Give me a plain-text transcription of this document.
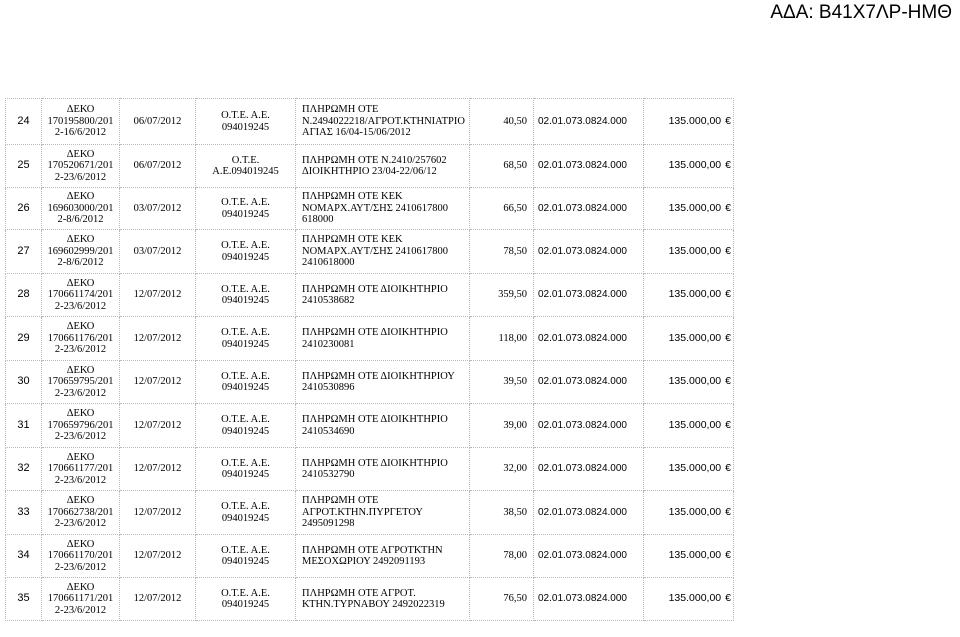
ΑΔΑ: Β41Χ7ΛΡ-ΗΜΘ
24	ΔΕΚΟ
170195800/201
2-16/6/2012	06/07/2012	Ο.Τ.Ε. Α.Ε.
094019245	ΠΛΗΡΩΜΗ ΟΤΕ
Ν.2494022218/ΑΓΡΟΤ.ΚΤΗΝΙΑΤΡΙΟ
ΑΓΙΑΣ 16/04-15/06/2012	40,50	02.01.073.0824.000	135.000,00 €
25	ΔΕΚΟ
170520671/201
2-23/6/2012	06/07/2012	Ο.Τ.Ε.
Α.Ε.094019245	ΠΛΗΡΩΜΗ ΟΤΕ Ν.2410/257602
ΔΙΟΙΚΗΤΗΡΙΟ 23/04-22/06/12	68,50	02.01.073.0824.000	135.000,00 €
26	ΔΕΚΟ
169603000/201
2-8/6/2012	03/07/2012	Ο.Τ.Ε. Α.Ε.
094019245	ΠΛΗΡΩΜΗ ΟΤΕ ΚΕΚ
ΝΟΜΑΡΧ.ΑΥΤ/ΣΗΣ 2410617800
618000	66,50	02.01.073.0824.000	135.000,00 €
27	ΔΕΚΟ
169602999/201
2-8/6/2012	03/07/2012	Ο.Τ.Ε. Α.Ε.
094019245	ΠΛΗΡΩΜΗ ΟΤΕ ΚΕΚ
ΝΟΜΑΡΧ.ΑΥΤ/ΣΗΣ 2410617800
2410618000	78,50	02.01.073.0824.000	135.000,00 €
28	ΔΕΚΟ
170661174/201
2-23/6/2012	12/07/2012	Ο.Τ.Ε. Α.Ε.
094019245	ΠΛΗΡΩΜΗ ΟΤΕ ΔΙΟΙΚΗΤΗΡΙΟ
2410538682	359,50	02.01.073.0824.000	135.000,00 €
29	ΔΕΚΟ
170661176/201
2-23/6/2012	12/07/2012	Ο.Τ.Ε. Α.Ε.
094019245	ΠΛΗΡΩΜΗ ΟΤΕ ΔΙΟΙΚΗΤΗΡΙΟ
2410230081	118,00	02.01.073.0824.000	135.000,00 €
30	ΔΕΚΟ
170659795/201
2-23/6/2012	12/07/2012	Ο.Τ.Ε. Α.Ε.
094019245	ΠΛΗΡΩΜΗ ΟΤΕ ΔΙΟΙΚΗΤΗΡΙΟΥ
2410530896	39,50	02.01.073.0824.000	135.000,00 €
31	ΔΕΚΟ
170659796/201
2-23/6/2012	12/07/2012	Ο.Τ.Ε. Α.Ε.
094019245	ΠΛΗΡΩΜΗ ΟΤΕ ΔΙΟΙΚΗΤΗΡΙΟ
2410534690	39,00	02.01.073.0824.000	135.000,00 €
32	ΔΕΚΟ
170661177/201
2-23/6/2012	12/07/2012	Ο.Τ.Ε. Α.Ε.
094019245	ΠΛΗΡΩΜΗ ΟΤΕ ΔΙΟΙΚΗΤΗΡΙΟ
2410532790	32,00	02.01.073.0824.000	135.000,00 €
33	ΔΕΚΟ
170662738/201
2-23/6/2012	12/07/2012	Ο.Τ.Ε. Α.Ε.
094019245	ΠΛΗΡΩΜΗ ΟΤΕ
ΑΓΡΟΤ.ΚΤΗΝ.ΠΥΡΓΕΤΟΥ
2495091298	38,50	02.01.073.0824.000	135.000,00 €
34	ΔΕΚΟ
170661170/201
2-23/6/2012	12/07/2012	Ο.Τ.Ε. Α.Ε.
094019245	ΠΛΗΡΩΜΗ ΟΤΕ ΑΓΡΟΤΚΤΗΝ
ΜΕΣΟΧΩΡΙΟΥ 2492091193	78,00	02.01.073.0824.000	135.000,00 €
35	ΔΕΚΟ
170661171/201
2-23/6/2012	12/07/2012	Ο.Τ.Ε. Α.Ε.
094019245	ΠΛΗΡΩΜΗ ΟΤΕ ΑΓΡΟΤ.
ΚΤΗΝ.ΤΥΡΝΑΒΟΥ 2492022319	76,50	02.01.073.0824.000	135.000,00 €
